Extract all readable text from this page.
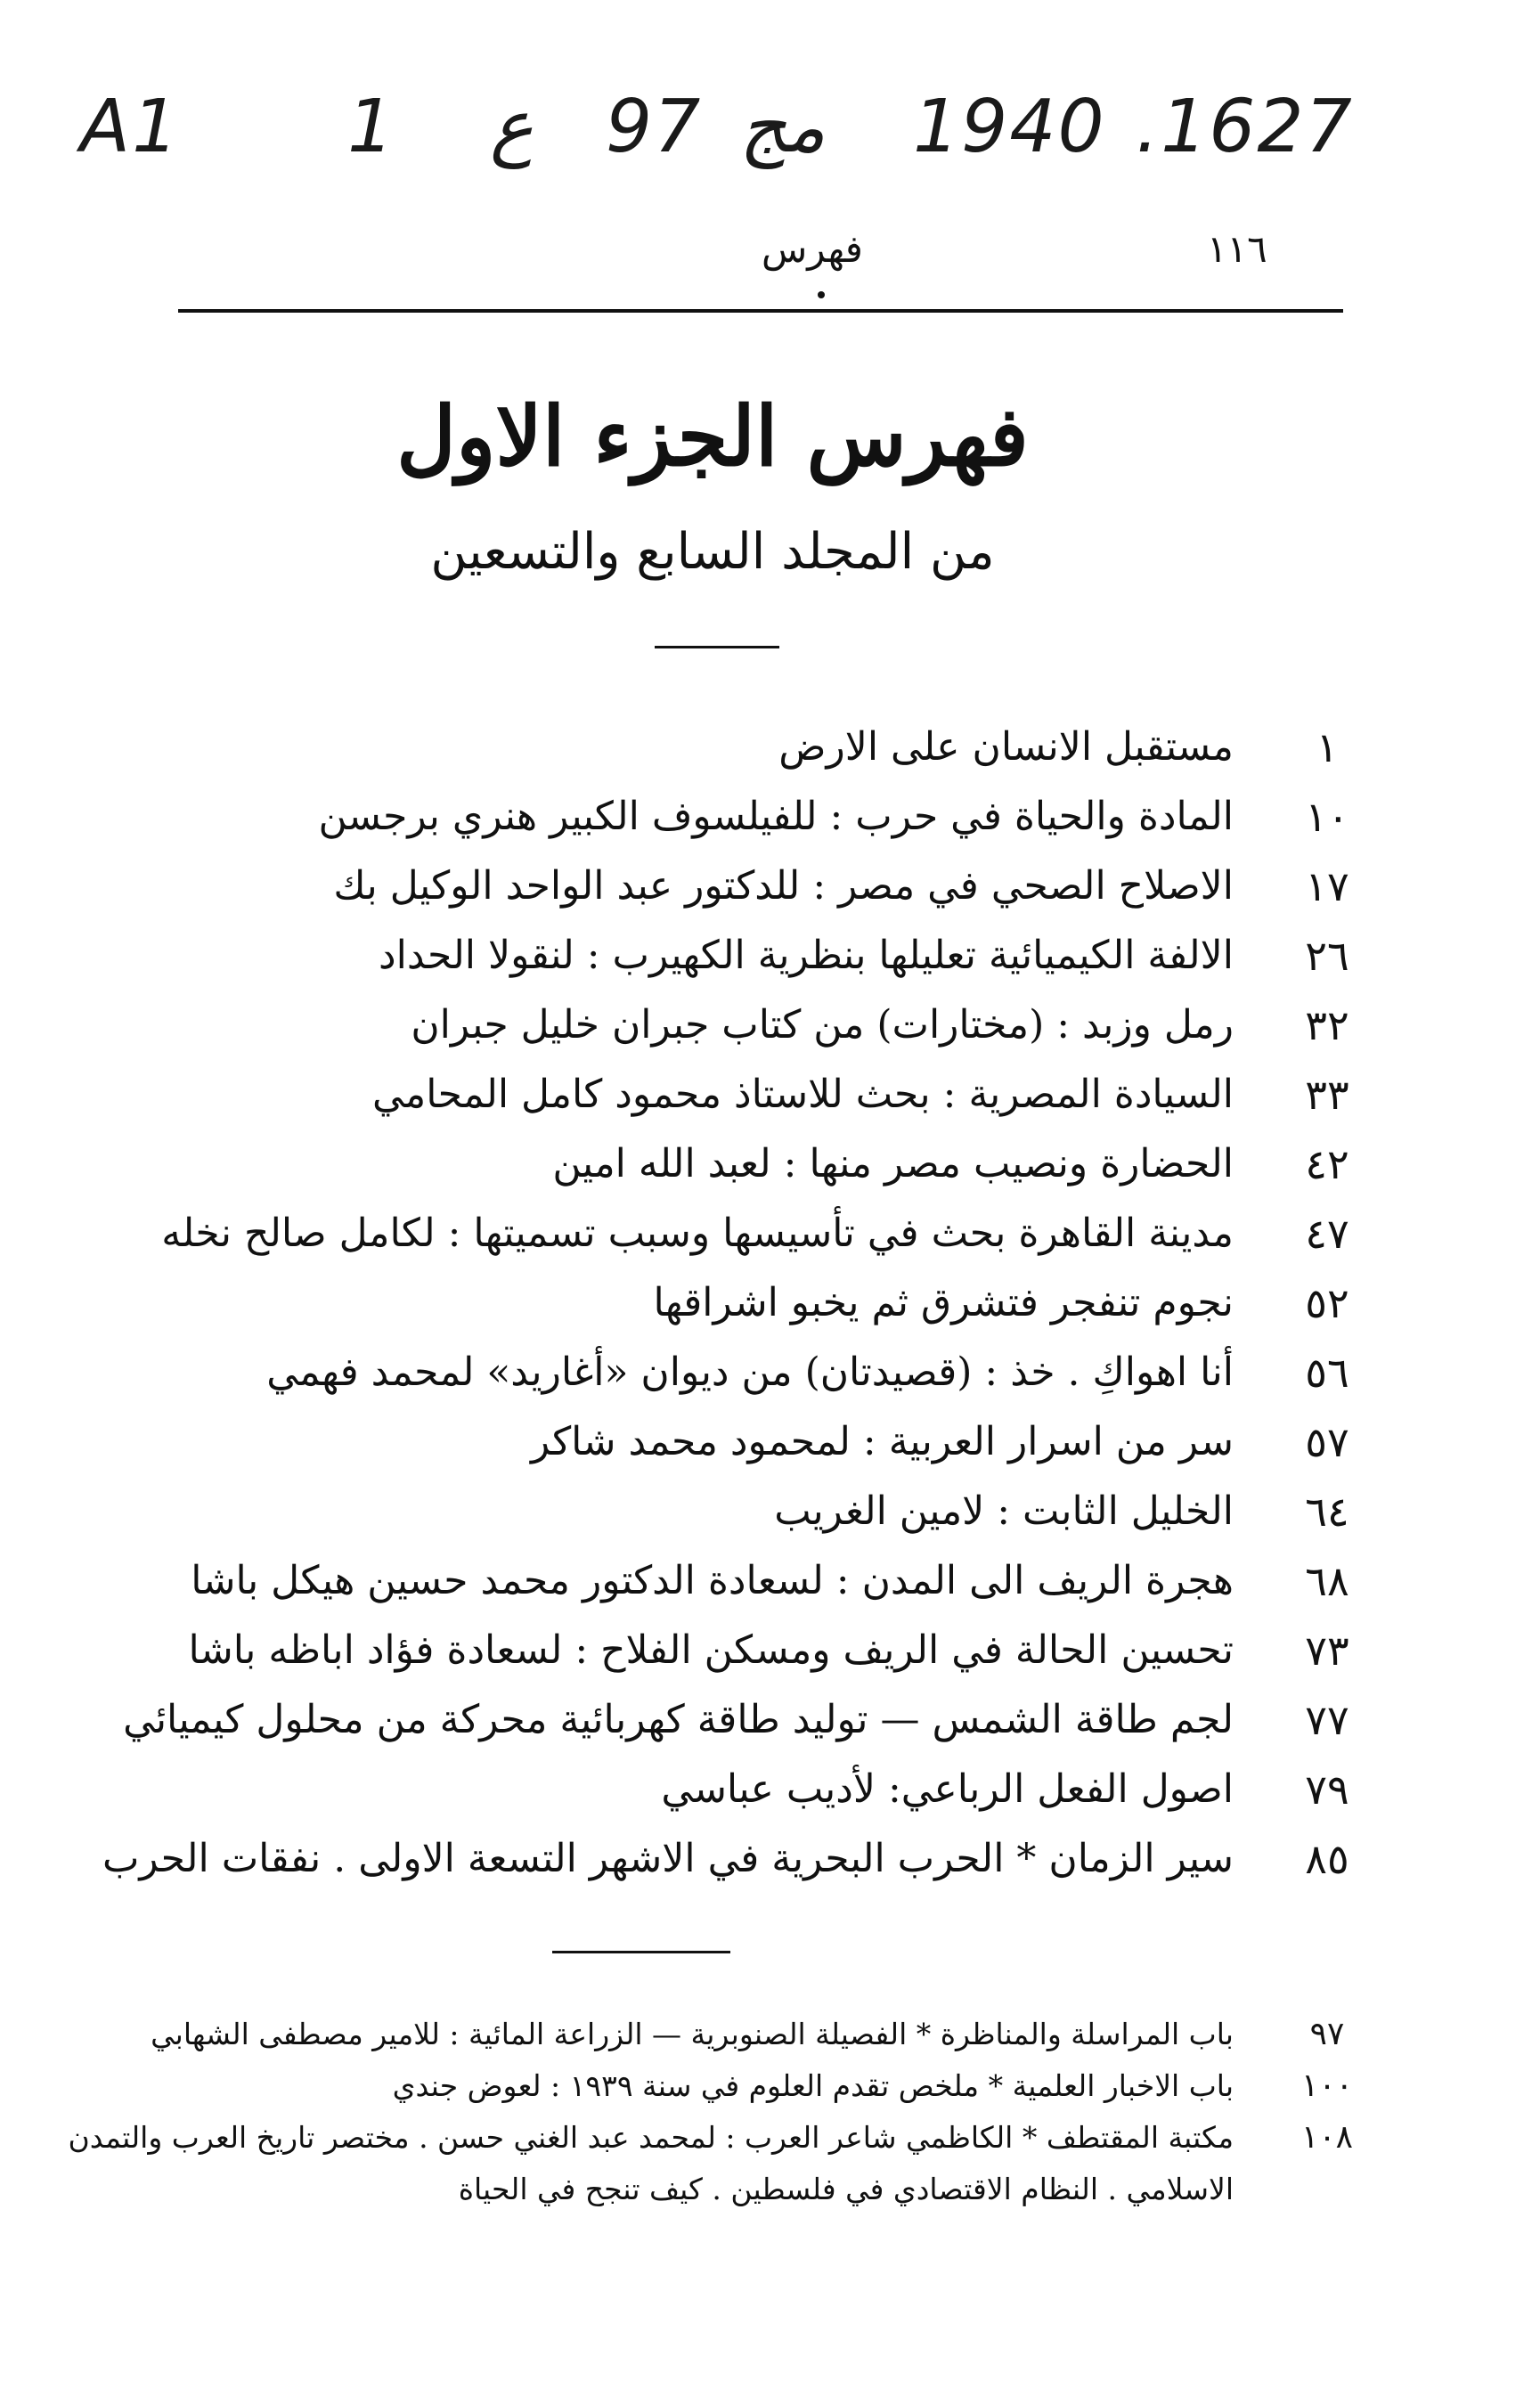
A1 1 ع 97 مج 1940 .1627
١١٦
فهرس
فهرس الجزء الاول
من المجلد السابع والتسعين
١
مستقبل الانسان على الارض
١٠
المادة والحياة في حرب : للفيلسوف الكبير هنري برجسن
١٧
الاصلاح الصحي في مصر : للدكتور عبد الواحد الوكيل بك
٢٦
الالفة الكيميائية تعليلها بنظرية الكهيرب : لنقولا الحداد
٣٢
رمل وزبد : (مختارات) من كتاب جبران خليل جبران
٣٣
السيادة المصرية : بحث للاستاذ محمود كامل المحامي
٤٢
الحضارة ونصيب مصر منها : لعبد الله امين
٤٧
مدينة القاهرة بحث في تأسيسها وسبب تسميتها : لكامل صالح نخله
٥٢
نجوم تنفجر فتشرق ثم يخبو اشراقها
٥٦
أنا اهواكِ . خذ : (قصيدتان) من ديوان «أغاريد» لمحمد فهمي
٥٧
سر من اسرار العربية : لمحمود محمد شاكر
٦٤
الخليل الثابت : لامين الغريب
٦٨
هجرة الريف الى المدن : لسعادة الدكتور محمد حسين هيكل باشا
٧٣
تحسين الحالة في الريف ومسكن الفلاح : لسعادة فؤاد اباظه باشا
٧٧
لجم طاقة الشمس — توليد طاقة كهربائية محركة من محلول كيميائي
٧٩
اصول الفعل الرباعي: لأديب عباسي
٨٥
سير الزمان * الحرب البحرية في الاشهر التسعة الاولى . نفقات الحرب
٩٧
باب المراسلة والمناظرة * الفصيلة الصنوبرية — الزراعة المائية : للامير مصطفى الشهابي
١٠٠
باب الاخبار العلمية * ملخص تقدم العلوم في سنة ١٩٣٩ : لعوض جندي
١٠٨
مكتبة المقتطف * الكاظمي شاعر العرب : لمحمد عبد الغني حسن . مختصر تاريخ العرب والتمدن
الاسلامي . النظام الاقتصادي في فلسطين . كيف تنجح في الحياة
